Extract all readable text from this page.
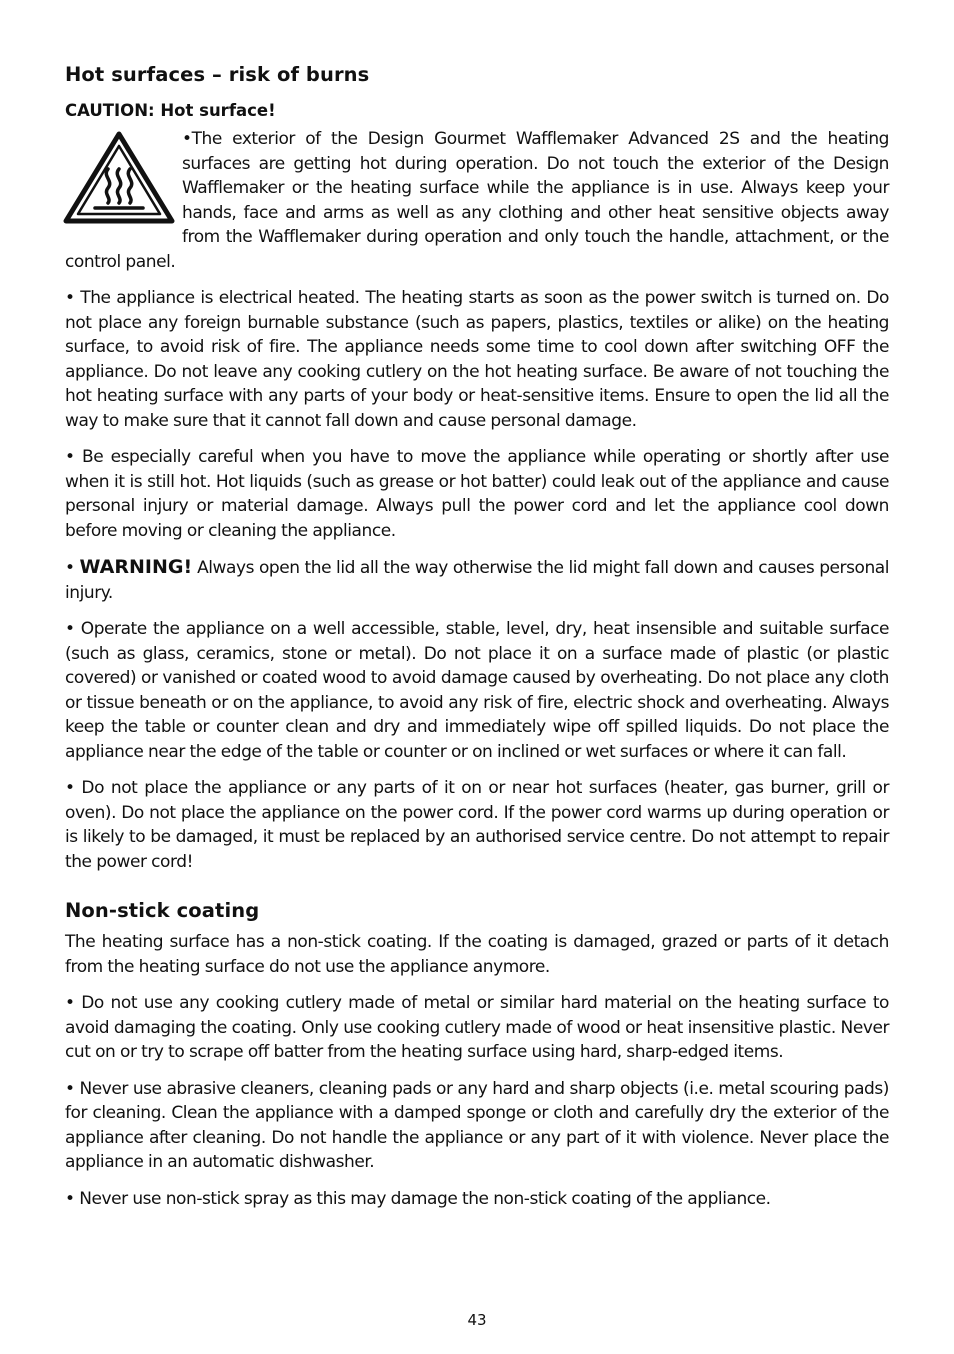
Hot surfaces – risk of burns
CAUTION: Hot surface!

•The exterior of the Design Gourmet Wafflemaker Advanced 2S and the heating surfaces are getting hot during operation. Do not touch the exterior of the Design Wafflemaker or the heating surface while the appliance is in use. Always keep your hands, face and arms as well as any clothing and other heat sensitive objects away from the Wafflemaker during operation and only touch the handle, attachment, or the control panel.

• The appliance is electrical heated. The heating starts as soon as the power switch is turned on. Do not place any foreign burnable substance (such as papers, plastics, textiles or alike) on the heating surface, to avoid risk of fire. The appliance needs some time to cool down after switching OFF the appliance. Do not leave any cooking cutlery on the hot heating surface. Be aware of not touching the hot heating surface with any parts of your body or heat-sensitive items. Ensure to open the lid all the way to make sure that it cannot fall down and cause personal damage.

• Be especially careful when you have to move the appliance while operating or shortly after use when it is still hot. Hot liquids (such as grease or hot batter) could leak out of the appliance and cause personal injury or material damage. Always pull the power cord and let the appliance cool down before moving or cleaning the appliance.

• WARNING! Always open the lid all the way otherwise the lid might fall down and causes personal injury.

• Operate the appliance on a well accessible, stable, level, dry, heat insensible and suitable surface (such as glass, ceramics, stone or metal). Do not place it on a surface made of plastic (or plastic covered) or vanished or coated wood to avoid damage caused by overheating. Do not place any cloth or tissue beneath or on the appliance, to avoid any risk of fire, electric shock and overheating. Always keep the table or counter clean and dry and immediately wipe off spilled liquids. Do not place the appliance near the edge of the table or counter or on inclined or wet surfaces or where it can fall.

• Do not place the appliance or any parts of it on or near hot surfaces (heater, gas burner, grill or oven). Do not place the appliance on the power cord. If the power cord warms up during operation or is likely to be damaged, it must be replaced by an authorised service centre. Do not attempt to repair the power cord!

Non-stick coating

The heating surface has a non-stick coating. If the coating is damaged, grazed or parts of it detach from the heating surface do not use the appliance anymore.

• Do not use any cooking cutlery made of metal or similar hard material on the heating surface to avoid damaging the coating. Only use cooking cutlery made of wood or heat insensitive plastic. Never cut on or try to scrape off batter from the heating surface using hard, sharp-edged items.

• Never use abrasive cleaners, cleaning pads or any hard and sharp objects (i.e. metal scouring pads) for cleaning. Clean the appliance with a damped sponge or cloth and carefully dry the exterior of the appliance after cleaning. Do not handle the appliance or any part of it with violence. Never place the appliance in an automatic dishwasher.

• Never use non-stick spray as this may damage the non-stick coating of the appliance.

43
